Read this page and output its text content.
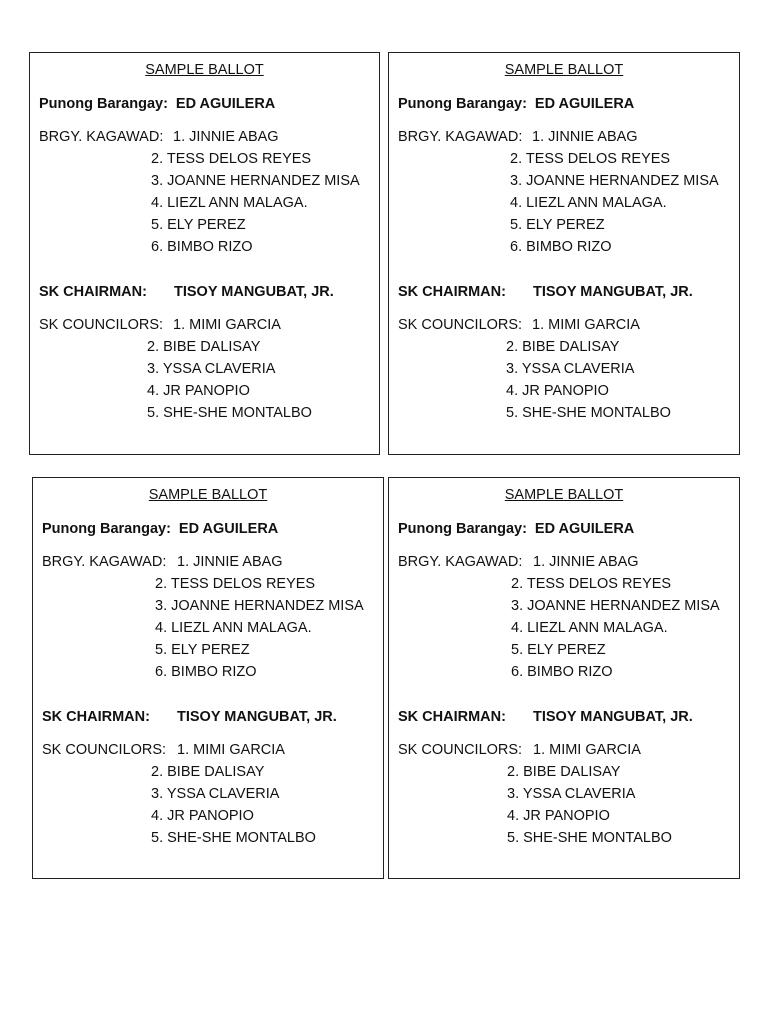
SAMPLE BALLOT
Punong Barangay: ED AGUILERA
BRGY. KAGAWAD: 1. JINNIE ABAG
2. TESS DELOS REYES
3. JOANNE HERNANDEZ MISA
4. LIEZL ANN MALAGA.
5. ELY PEREZ
6. BIMBO RIZO
SK CHAIRMAN: TISOY MANGUBAT, JR.
SK COUNCILORS: 1. MIMI GARCIA
2. BIBE DALISAY
3. YSSA CLAVERIA
4. JR PANOPIO
5. SHE-SHE MONTALBO
SAMPLE BALLOT
Punong Barangay: ED AGUILERA
BRGY. KAGAWAD: 1. JINNIE ABAG
2. TESS DELOS REYES
3. JOANNE HERNANDEZ MISA
4. LIEZL ANN MALAGA.
5. ELY PEREZ
6. BIMBO RIZO
SK CHAIRMAN: TISOY MANGUBAT, JR.
SK COUNCILORS: 1. MIMI GARCIA
2. BIBE DALISAY
3. YSSA CLAVERIA
4. JR PANOPIO
5. SHE-SHE MONTALBO
SAMPLE BALLOT
Punong Barangay: ED AGUILERA
BRGY. KAGAWAD: 1. JINNIE ABAG
2. TESS DELOS REYES
3. JOANNE HERNANDEZ MISA
4. LIEZL ANN MALAGA.
5. ELY PEREZ
6. BIMBO RIZO
SK CHAIRMAN: TISOY MANGUBAT, JR.
SK COUNCILORS: 1. MIMI GARCIA
2. BIBE DALISAY
3. YSSA CLAVERIA
4. JR PANOPIO
5. SHE-SHE MONTALBO
SAMPLE BALLOT
Punong Barangay: ED AGUILERA
BRGY. KAGAWAD: 1. JINNIE ABAG
2. TESS DELOS REYES
3. JOANNE HERNANDEZ MISA
4. LIEZL ANN MALAGA.
5. ELY PEREZ
6. BIMBO RIZO
SK CHAIRMAN: TISOY MANGUBAT, JR.
SK COUNCILORS: 1. MIMI GARCIA
2. BIBE DALISAY
3. YSSA CLAVERIA
4. JR PANOPIO
5. SHE-SHE MONTALBO
